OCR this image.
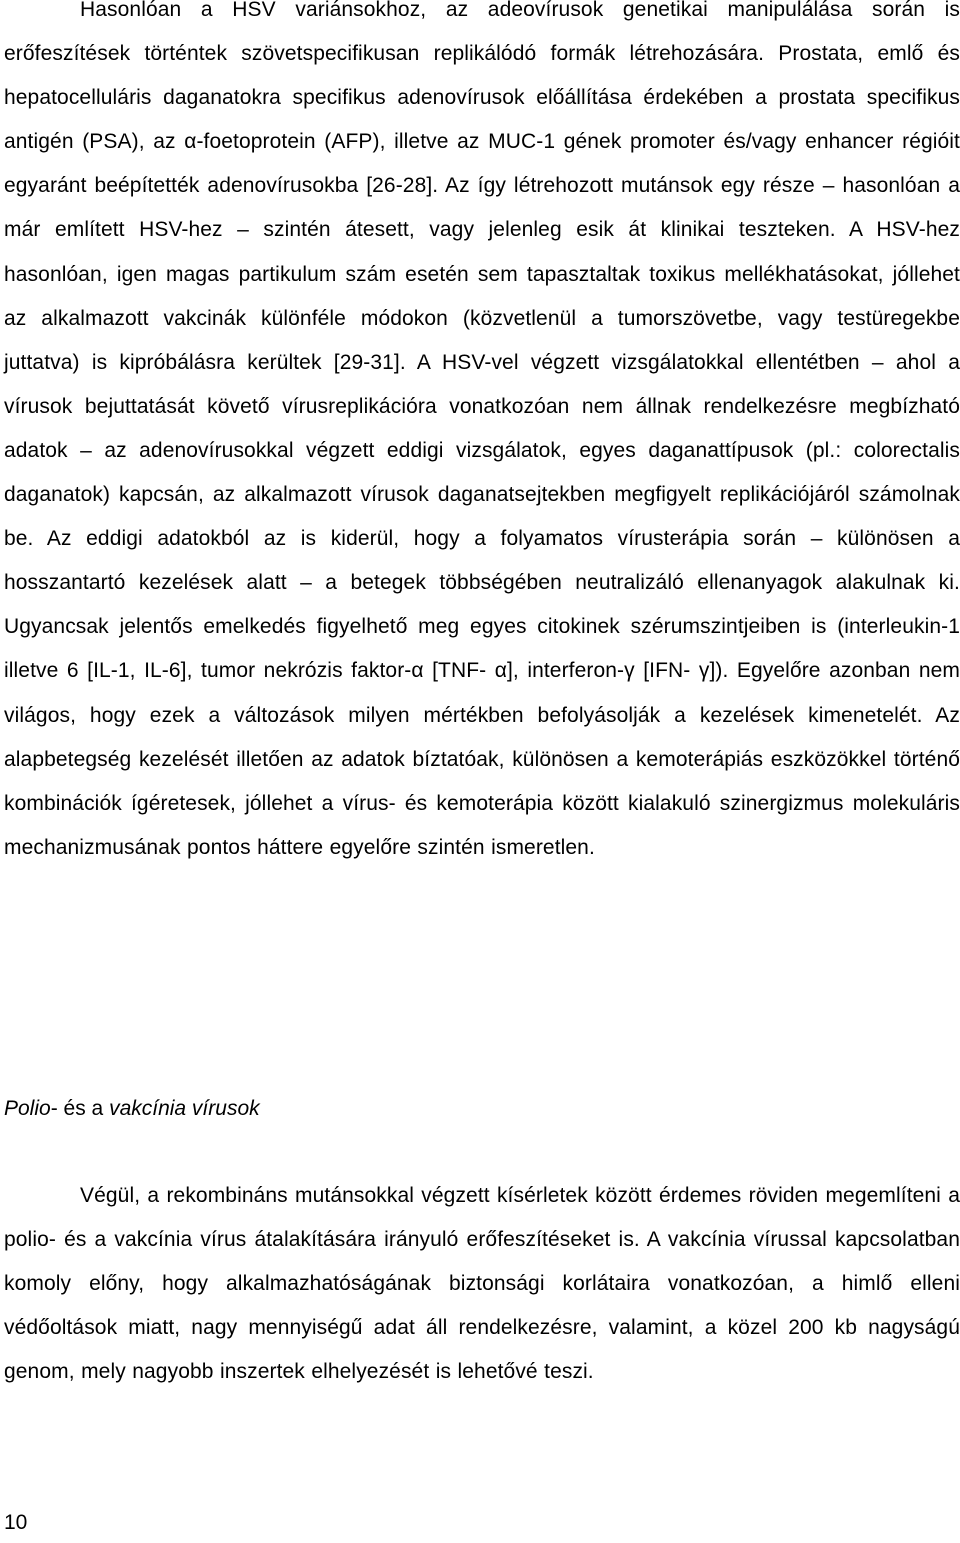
Hasonlóan a HSV variánsokhoz, az adeovírusok genetikai manipulálása során is erőfeszítések történtek szövetspecifikusan replikálódó formák létrehozására. Prostata, emlő és hepatocelluláris daganatokra specifikus adenovírusok előállítása érdekében a prostata specifikus antigén (PSA), az α-foetoprotein (AFP), illetve az MUC-1 gének promoter és/vagy enhancer régióit egyaránt beépítették adenovírusokba [26-28]. Az így létrehozott mutánsok egy része – hasonlóan a már említett HSV-hez – szintén átesett, vagy jelenleg esik át klinikai teszteken. A HSV-hez hasonlóan, igen magas partikulum szám esetén sem tapasztaltak toxikus mellékhatásokat, jóllehet az alkalmazott vakcinák különféle módokon (közvetlenül a tumorszövetbe, vagy testüregekbe juttatva) is kipróbálásra kerültek [29-31]. A HSV-vel végzett vizsgálatokkal ellentétben – ahol a vírusok bejuttatását követő vírusreplikációra vonatkozóan nem állnak rendelkezésre megbízható adatok – az adenovírusokkal végzett eddigi vizsgálatok, egyes daganattípusok (pl.: colorectalis daganatok) kapcsán, az alkalmazott vírusok daganatsejtekben megfigyelt replikációjáról számolnak be. Az eddigi adatokból az is kiderül, hogy a folyamatos vírusterápia során – különösen a hosszantartó kezelések alatt – a betegek többségében neutralizáló ellenanyagok alakulnak ki. Ugyancsak jelentős emelkedés figyelhető meg egyes citokinek szérumszintjeiben is (interleukin-1 illetve 6 [IL-1, IL-6], tumor nekrózis faktor-α [TNF- α], interferon-γ [IFN- γ]). Egyelőre azonban nem világos, hogy ezek a változások milyen mértékben befolyásolják a kezelések kimenetelét. Az alapbetegség kezelését illetően az adatok bíztatóak, különösen a kemoterápiás eszközökkel történő kombinációk ígéretesek, jóllehet a vírus- és kemoterápia között kialakuló szinergizmus molekuláris mechanizmusának pontos háttere egyelőre szintén ismeretlen.

Polio- és a vakcínia vírusok

Végül, a rekombináns mutánsokkal végzett kísérletek között érdemes röviden megemlíteni a polio- és a vakcínia vírus átalakítására irányuló erőfeszítéseket is. A vakcínia vírussal kapcsolatban komoly előny, hogy alkalmazhatóságának biztonsági korlátaira vonatkozóan, a himlő elleni védőoltások miatt, nagy mennyiségű adat áll rendelkezésre, valamint, a közel 200 kb nagyságú genom, mely nagyobb inszertek elhelyezését is lehetővé teszi.

10
